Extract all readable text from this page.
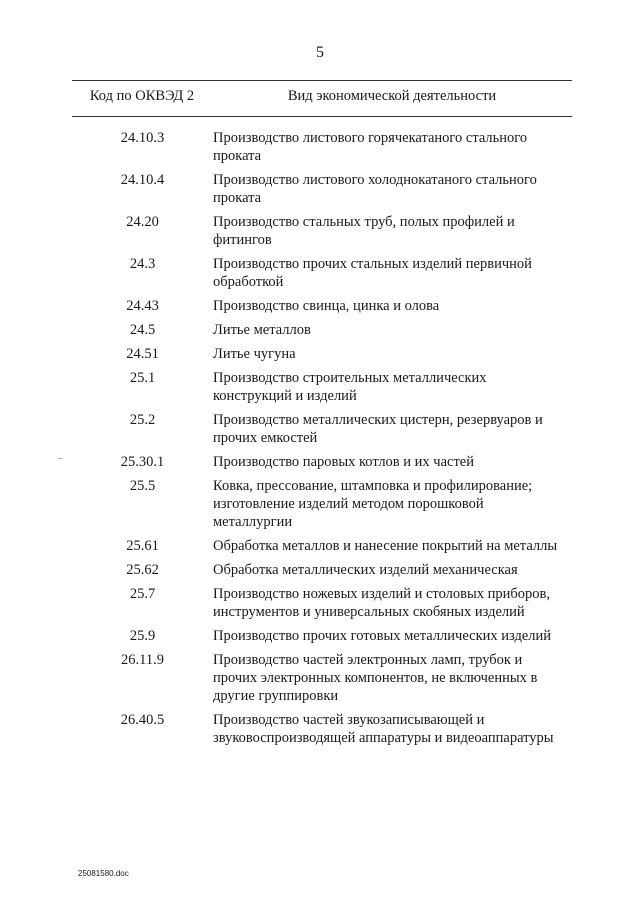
5
Код по ОКВЭД 2	Вид экономической деятельности
24.10.3	Производство листового горячекатаного стального
проката
24.10.4	Производство листового холоднокатаного стального
проката
24.20	Производство стальных труб, полых профилей и
фитингов
24.3	Производство прочих стальных изделий первичной
обработкой
24.43	Производство свинца, цинка и олова
24.5	Литье металлов
24.51	Литье чугуна
25.1	Производство строительных металлических
конструкций и изделий
25.2	Производство металлических цистерн, резервуаров и
прочих емкостей
25.30.1	Производство паровых котлов и их частей
25.5	Ковка, прессование, штамповка и профилирование;
изготовление изделий методом порошковой
металлургии
25.61	Обработка металлов и нанесение покрытий на металлы
25.62	Обработка металлических изделий механическая
25.7	Производство ножевых изделий и столовых приборов,
инструментов и универсальных скобяных изделий
25.9	Производство прочих готовых металлических изделий
26.11.9	Производство частей электронных ламп, трубок и
прочих электронных компонентов, не включенных в
другие группировки
26.40.5	Производство частей звукозаписывающей и
звуковоспроизводящей аппаратуры и видеоаппаратуры
25081580.doc
